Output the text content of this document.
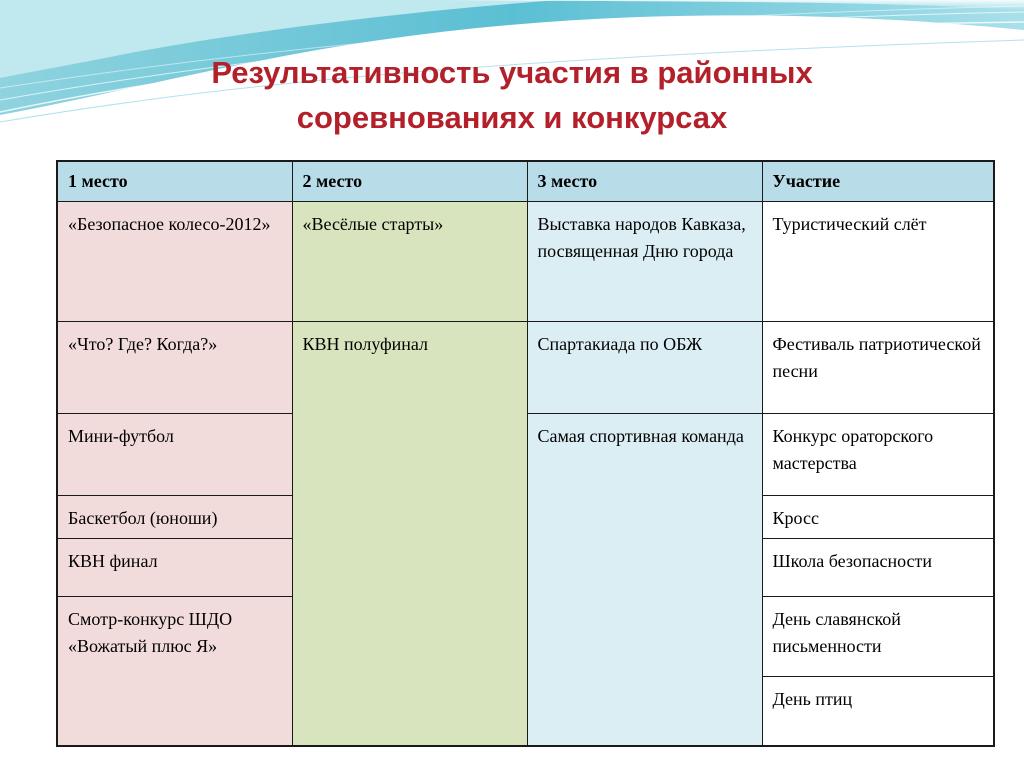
Результативность участия в районных
соревнованиях и конкурсах
1 место	2 место	3 место	Участие
«Безопасное колесо-2012»	«Весёлые старты»	Выставка народов Кавказа, посвященная Дню города	Туристический слёт
«Что? Где? Когда?»	КВН полуфинал	Спартакиада по ОБЖ	Фестиваль патриотической песни
Мини-футбол		Самая спортивная команда	Конкурс ораторского мастерства
Баскетбол (юноши)			Кросс
КВН финал			Школа безопасности
Смотр-конкурс ШДО «Вожатый плюс Я»			День славянской письменности
			День птиц
